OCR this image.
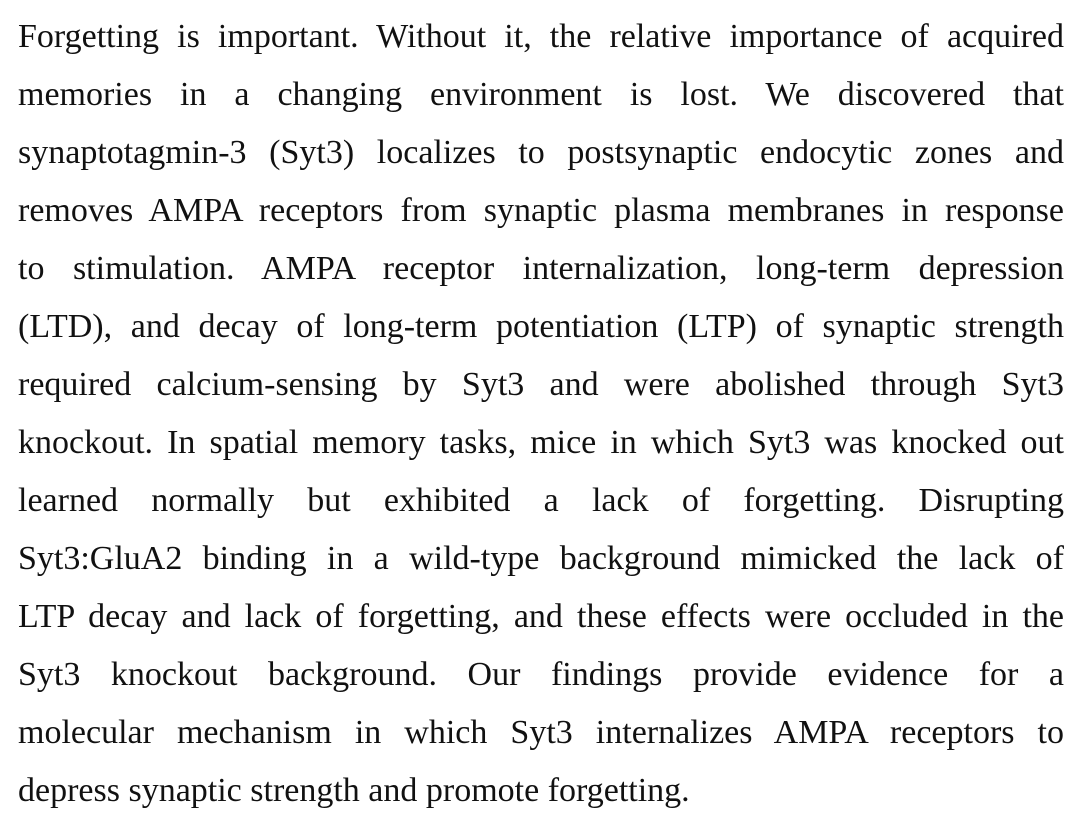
Forgetting is important. Without it, the relative importance of acquired
memories in a changing environment is lost. We discovered that
synaptotagmin-3 (Syt3) localizes to postsynaptic endocytic zones and
removes AMPA receptors from synaptic plasma membranes in response
to stimulation. AMPA receptor internalization, long-term depression
(LTD), and decay of long-term potentiation (LTP) of synaptic strength
required calcium-sensing by Syt3 and were abolished through Syt3
knockout. In spatial memory tasks, mice in which Syt3 was knocked out
learned normally but exhibited a lack of forgetting. Disrupting
Syt3:GluA2 binding in a wild-type background mimicked the lack of
LTP decay and lack of forgetting, and these effects were occluded in the
Syt3 knockout background. Our findings provide evidence for a
molecular mechanism in which Syt3 internalizes AMPA receptors to
depress synaptic strength and promote forgetting.
